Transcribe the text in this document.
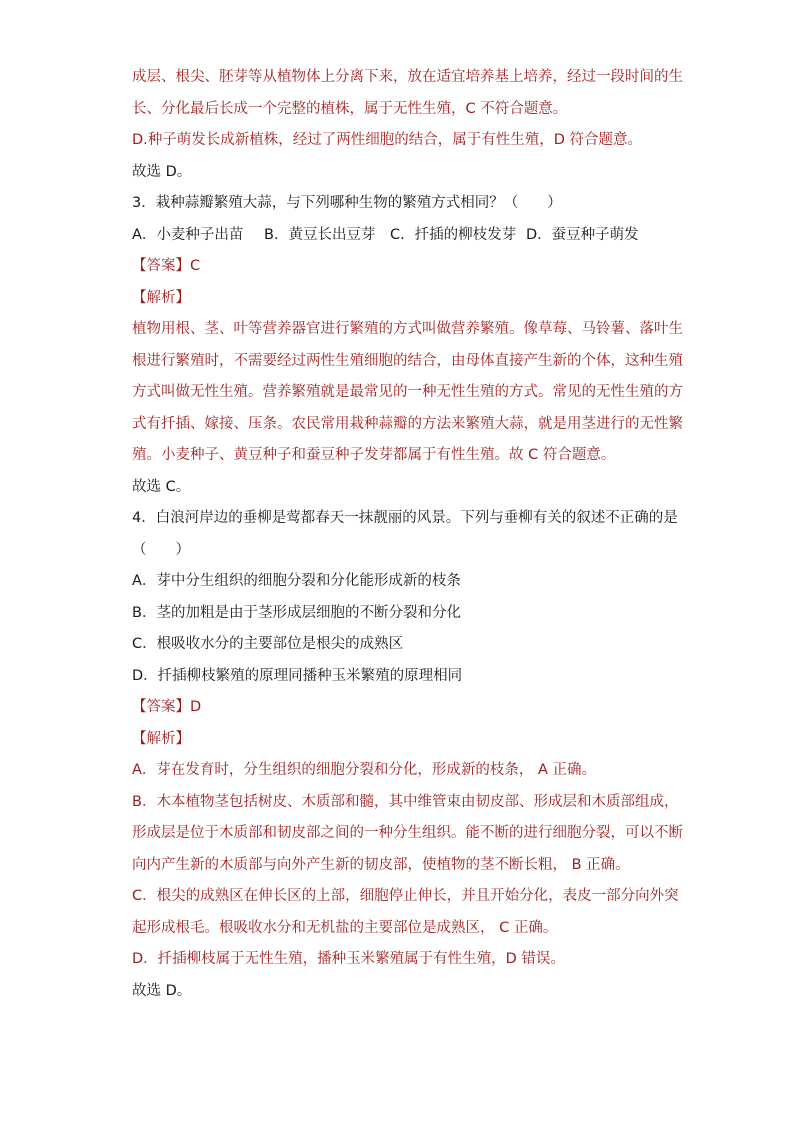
成层、根尖、胚芽等从植物体上分离下来，放在适宜培养基上培养，经过一段时间的生
长、分化最后长成一个完整的植株，属于无性生殖，C 不符合题意。
D.种子萌发长成新植株，经过了两性细胞的结合，属于有性生殖，D 符合题意。
故选 D。
3．栽种蒜瓣繁殖大蒜，与下列哪种生物的繁殖方式相同？（　　）
A．小麦种子出苗 B．黄豆长出豆芽 C．扦插的柳枝发芽 D．蚕豆种子萌发
【答案】C
【解析】
植物用根、茎、叶等营养器官进行繁殖的方式叫做营养繁殖。像草莓、马铃薯、落叶生
根进行繁殖时，不需要经过两性生殖细胞的结合，由母体直接产生新的个体，这种生殖
方式叫做无性生殖。营养繁殖就是最常见的一种无性生殖的方式。常见的无性生殖的方
式有扦插、嫁接、压条。农民常用栽种蒜瓣的方法来繁殖大蒜，就是用茎进行的无性繁
殖。小麦种子、黄豆种子和蚕豆种子发芽都属于有性生殖。故 C 符合题意。
故选 C。
4．白浪河岸边的垂柳是莺都春天一抹靓丽的风景。下列与垂柳有关的叙述不正确的是
（　　）
A．芽中分生组织的细胞分裂和分化能形成新的枝条
B．茎的加粗是由于茎形成层细胞的不断分裂和分化
C．根吸收水分的主要部位是根尖的成熟区
D．扦插柳枝繁殖的原理同播种玉米繁殖的原理相同
【答案】D
【解析】
A．芽在发育时，分生组织的细胞分裂和分化，形成新的枝条， A 正确。
B．木本植物茎包括树皮、木质部和髓，其中维管束由韧皮部、形成层和木质部组成，
形成层是位于木质部和韧皮部之间的一种分生组织。能不断的进行细胞分裂，可以不断
向内产生新的木质部与向外产生新的韧皮部，使植物的茎不断长粗， B 正确。
C．根尖的成熟区在伸长区的上部，细胞停止伸长，并且开始分化，表皮一部分向外突
起形成根毛。根吸收水分和无机盐的主要部位是成熟区， C 正确。
D．扦插柳枝属于无性生殖，播种玉米繁殖属于有性生殖，D 错误。
故选 D。
